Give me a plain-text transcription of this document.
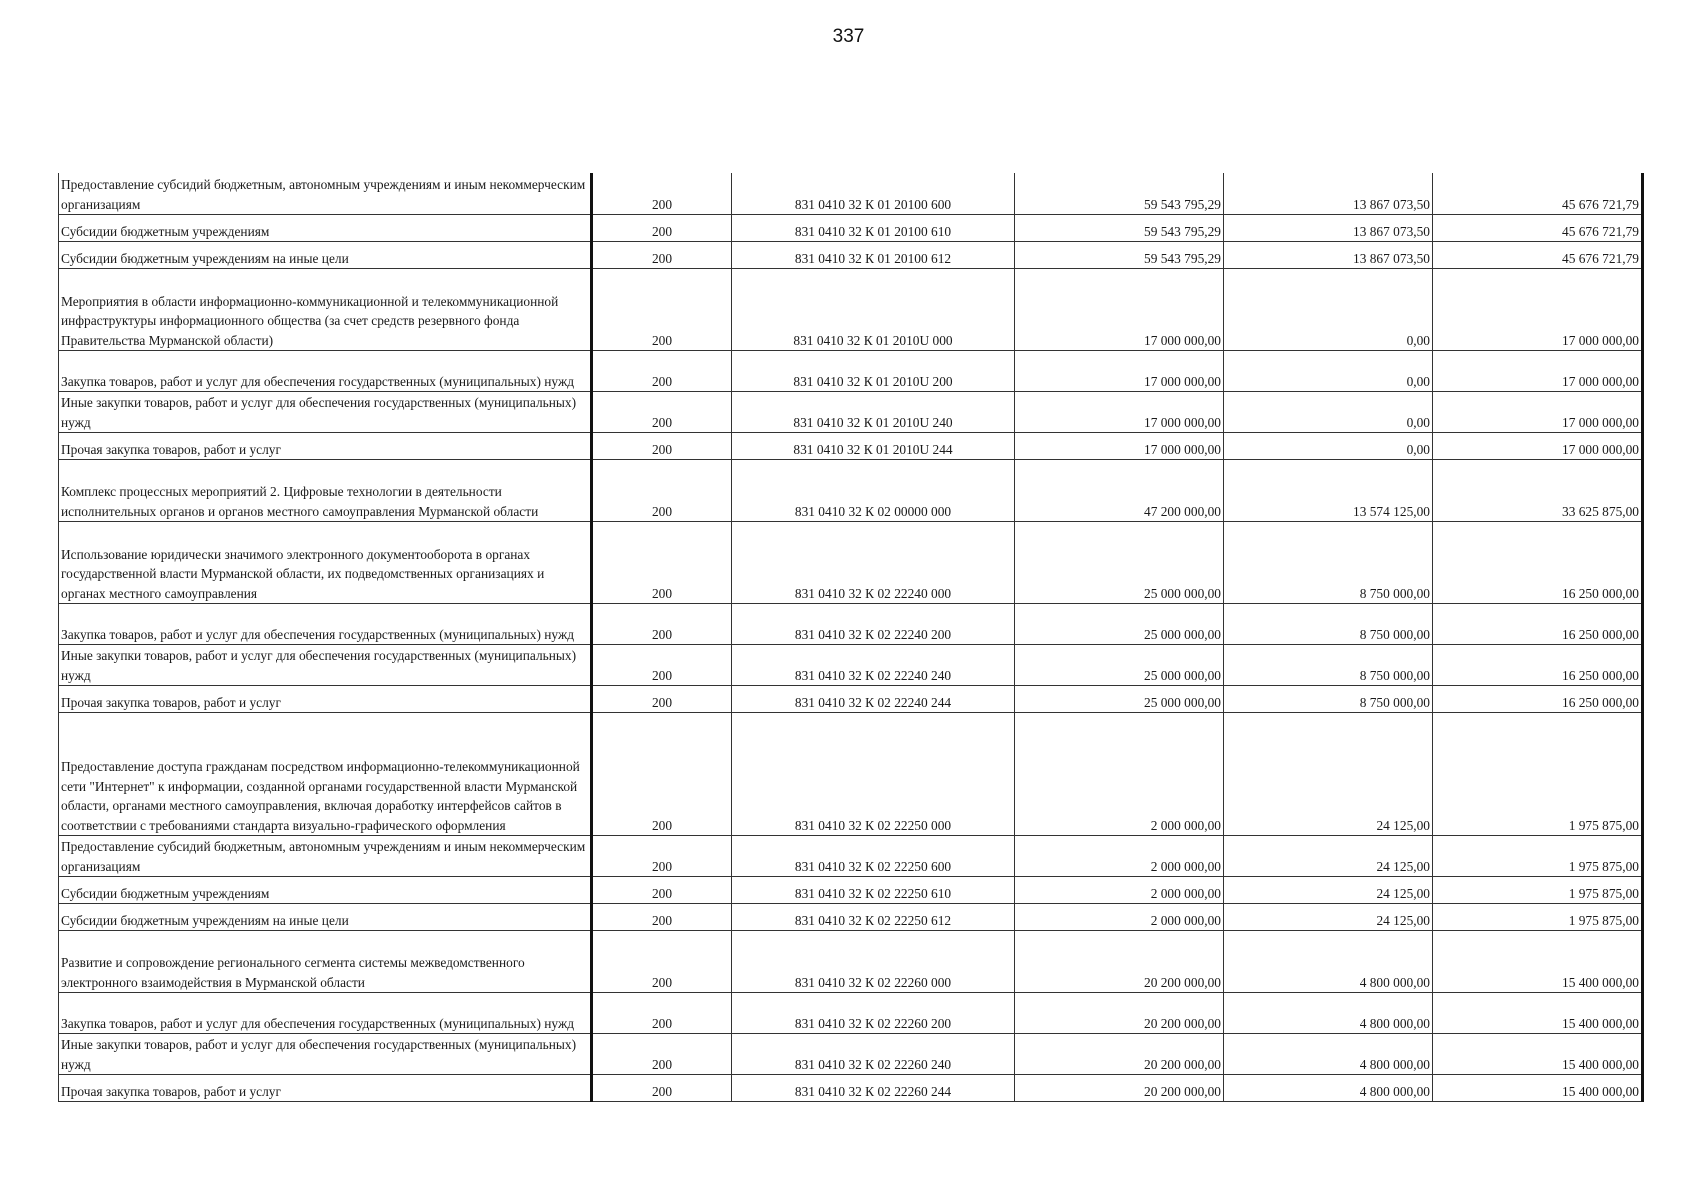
337
Предоставление субсидий бюджетным, автономным учреждениям и иным некоммерческим организациям	200	831 0410 32 К 01 20100 600	59 543 795,29	13 867 073,50	45 676 721,79
Субсидии бюджетным учреждениям	200	831 0410 32 К 01 20100 610	59 543 795,29	13 867 073,50	45 676 721,79
Субсидии бюджетным учреждениям на иные цели	200	831 0410 32 К 01 20100 612	59 543 795,29	13 867 073,50	45 676 721,79
Мероприятия в области информационно-коммуникационной и телекоммуникационной инфраструктуры информационного общества (за счет средств резервного фонда Правительства Мурманской области)	200	831 0410 32 К 01 2010U 000	17 000 000,00	0,00	17 000 000,00
Закупка товаров, работ и услуг для обеспечения государственных (муниципальных) нужд	200	831 0410 32 К 01 2010U 200	17 000 000,00	0,00	17 000 000,00
Иные закупки товаров, работ и услуг для обеспечения государственных (муниципальных) нужд	200	831 0410 32 К 01 2010U 240	17 000 000,00	0,00	17 000 000,00
Прочая закупка товаров, работ и услуг	200	831 0410 32 К 01 2010U 244	17 000 000,00	0,00	17 000 000,00
Комплекс процессных мероприятий 2. Цифровые технологии в деятельности исполнительных органов и органов местного самоуправления Мурманской области	200	831 0410 32 К 02 00000 000	47 200 000,00	13 574 125,00	33 625 875,00
Использование юридически значимого электронного документооборота в органах государственной власти Мурманской области, их подведомственных организациях и органах местного самоуправления	200	831 0410 32 К 02 22240 000	25 000 000,00	8 750 000,00	16 250 000,00
Закупка товаров, работ и услуг для обеспечения государственных (муниципальных) нужд	200	831 0410 32 К 02 22240 200	25 000 000,00	8 750 000,00	16 250 000,00
Иные закупки товаров, работ и услуг для обеспечения государственных (муниципальных) нужд	200	831 0410 32 К 02 22240 240	25 000 000,00	8 750 000,00	16 250 000,00
Прочая закупка товаров, работ и услуг	200	831 0410 32 К 02 22240 244	25 000 000,00	8 750 000,00	16 250 000,00
Предоставление доступа гражданам посредством информационно-телекоммуникационной сети "Интернет" к информации, созданной органами государственной власти Мурманской области, органами местного самоуправления, включая доработку интерфейсов сайтов в соответствии с требованиями стандарта визуально-графического оформления	200	831 0410 32 К 02 22250 000	2 000 000,00	24 125,00	1 975 875,00
Предоставление субсидий бюджетным, автономным учреждениям и иным некоммерческим организациям	200	831 0410 32 К 02 22250 600	2 000 000,00	24 125,00	1 975 875,00
Субсидии бюджетным учреждениям	200	831 0410 32 К 02 22250 610	2 000 000,00	24 125,00	1 975 875,00
Субсидии бюджетным учреждениям на иные цели	200	831 0410 32 К 02 22250 612	2 000 000,00	24 125,00	1 975 875,00
Развитие и сопровождение регионального сегмента системы межведомственного электронного взаимодействия в Мурманской области	200	831 0410 32 К 02 22260 000	20 200 000,00	4 800 000,00	15 400 000,00
Закупка товаров, работ и услуг для обеспечения государственных (муниципальных) нужд	200	831 0410 32 К 02 22260 200	20 200 000,00	4 800 000,00	15 400 000,00
Иные закупки товаров, работ и услуг для обеспечения государственных (муниципальных) нужд	200	831 0410 32 К 02 22260 240	20 200 000,00	4 800 000,00	15 400 000,00
Прочая закупка товаров, работ и услуг	200	831 0410 32 К 02 22260 244	20 200 000,00	4 800 000,00	15 400 000,00
